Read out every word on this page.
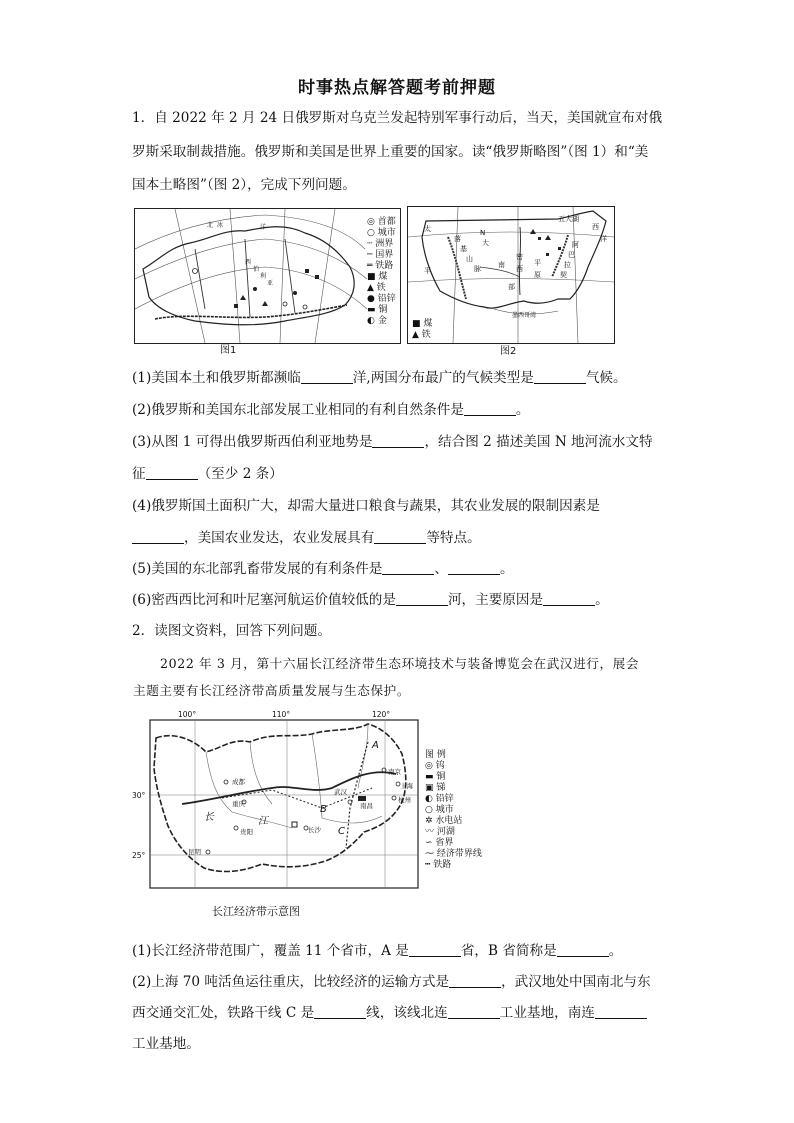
时事热点解答题考前押题
1．自 2022 年 2 月 24 日俄罗斯对乌克兰发起特别军事行动后，当天，美国就宣布对俄
罗斯采取制裁措施。俄罗斯和美国是世界上重要的国家。读“俄罗斯略图”（图 1）和“美
国本土略图”（图 2），完成下列问题。
北 冰	洋
西
伯
利
亚
◎ 首都
○ 城市
┄ 洲界
─ 国界
═ 铁路
■ 煤
▲ 铁
● 铅锌
▬ 铜
◐ 金
图1
太
平
落
基
山
脉
N
大
密
西
平
原
南
部
五大湖
西
洋
阿
巴
拉
契
墨西哥湾
■ 煤
▲ 铁
图2
(1)美国本土和俄罗斯都濒临	洋,两国分布最广的气候类型是	气候。
(2)俄罗斯和美国东北部发展工业相同的有利自然条件是	。
(3)从图 1 可得出俄罗斯西伯利亚地势是	，结合图 2 描述美国 N 地河流水文特
征	（至少 2 条）
(4)俄罗斯国土面积广大，却需大量进口粮食与蔬果，其农业发展的限制因素是
，美国农业发达，农业发展具有	等特点。
(5)美国的东北部乳畜带发展的有利条件是	、	。
(6)密西西比河和叶尼塞河航运价值较低的是	河，主要原因是	。
2．读图文资料，回答下列问题。
2022 年 3 月，第十六届长江经济带生态环境技术与装备博览会在武汉进行，展会
主题主要有长江经济带高质量发展与生态保护。
成都
重庆
贵阳
昆明
长沙
南昌
武汉
南京
上海
杭州
A
B
C
长	江
100°	110°	120°
30°
25°
图 例
◎ 钨
▬ 铜
▣ 锑
◐ 铅锌
○ 城市
✲ 水电站
〰 河湖
∽ 省界
⁓ 经济带界线
┅ 铁路
长江经济带示意图
(1)长江经济带范围广，覆盖 11 个省市，A 是	省，B 省简称是	。
(2)上海 70 吨活鱼运往重庆，比较经济的运输方式是	，武汉地处中国南北与东
西交通交汇处，铁路干线 C 是	线，该线北连	工业基地，南连
工业基地。
